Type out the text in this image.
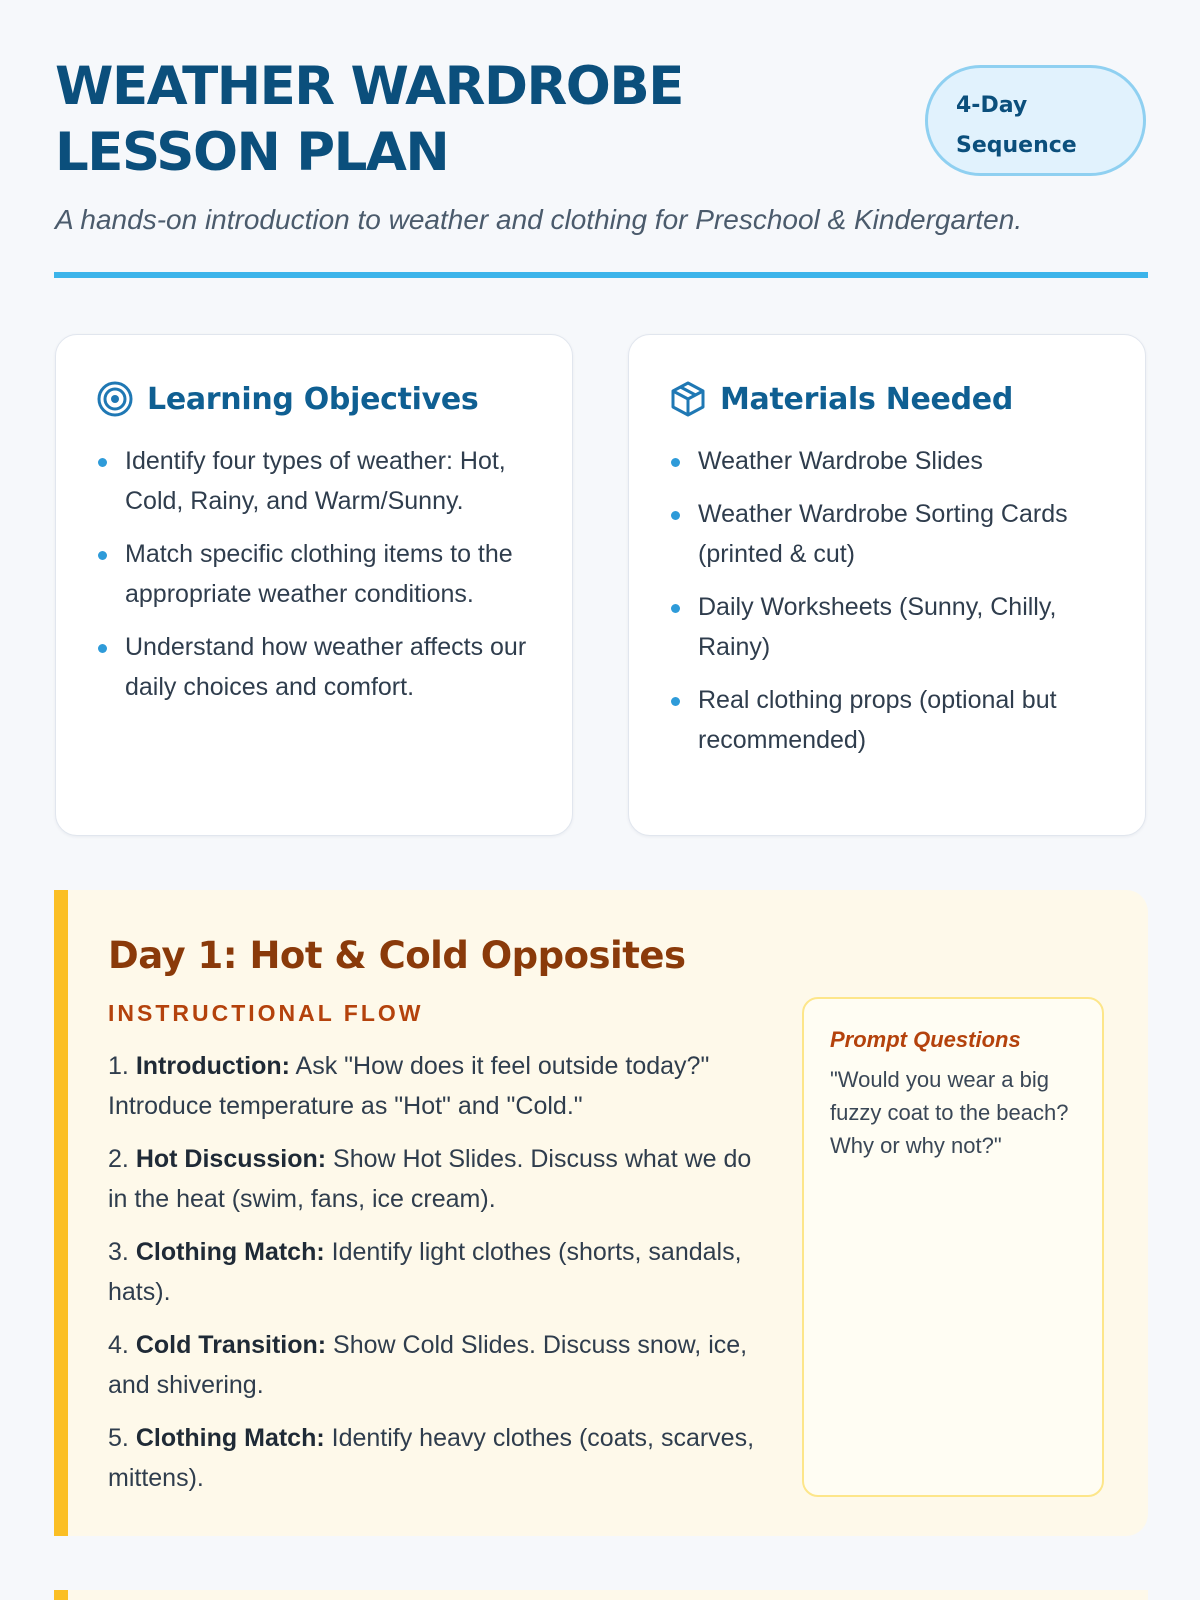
WEATHER WARDROBE
LESSON PLAN
4-Day
Sequence

A hands-on introduction to weather and clothing for Preschool & Kindergarten.

Learning Objectives
Identify four types of weather: Hot, Cold, Rainy, and Warm/Sunny.
Match specific clothing items to the appropriate weather conditions.
Understand how weather affects our daily choices and comfort.
Materials Needed
Weather Wardrobe Slides
Weather Wardrobe Sorting Cards (printed & cut)
Daily Worksheets (Sunny, Chilly, Rainy)
Real clothing props (optional but recommended)
Day 1: Hot & Cold Opposites
INSTRUCTIONAL FLOW

1. Introduction: Ask "How does it feel outside today?" Introduce temperature as "Hot" and "Cold."

2. Hot Discussion: Show Hot Slides. Discuss what we do in the heat (swim, fans, ice cream).

3. Clothing Match: Identify light clothes (shorts, sandals, hats).

4. Cold Transition: Show Cold Slides. Discuss snow, ice, and shivering.

5. Clothing Match: Identify heavy clothes (coats, scarves, mittens).

Prompt Questions
"Would you wear a big fuzzy coat to the beach? Why or why not?"
